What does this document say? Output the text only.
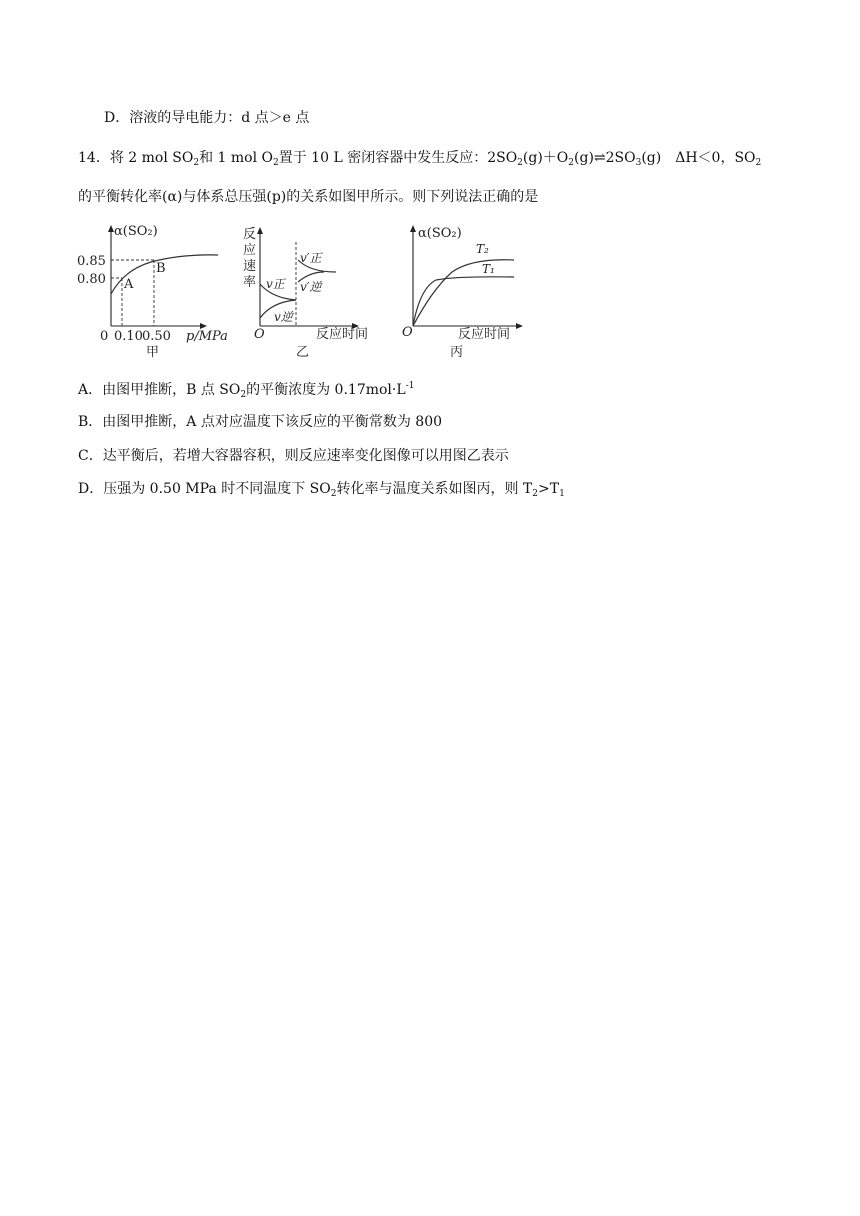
D．溶液的导电能力：d 点＞e 点
14．将 2 mol $SO_2$和 1 mol $O_2$置于 10 L 密闭容器中发生反应：$2SO_2(g)+O_2(g)\rightleftharpoons 2SO_3(g)$　ΔH＜0，$SO_2$
的平衡转化率(α)与体系总压强(p)的关系如图甲所示。则下列说法正确的是
α(SO₂)
0.85
0.80 A
B
0 0.10 0.50 p/MPa
甲
反
应
速
率 v正
v逆
v′正
v′逆
O	反应时间
乙
α(SO₂)
T₂
T₁
O	反应时间
丙
A．由图甲推断，B 点 $SO_2$的平衡浓度为 $0.17mol\cdot L^{-1}$
B．由图甲推断，A 点对应温度下该反应的平衡常数为 800
C．达平衡后，若增大容器容积，则反应速率变化图像可以用图乙表示
D．压强为 0.50 MPa 时不同温度下 $SO_2$转化率与温度关系如图丙，则 $T_2>T_1$
